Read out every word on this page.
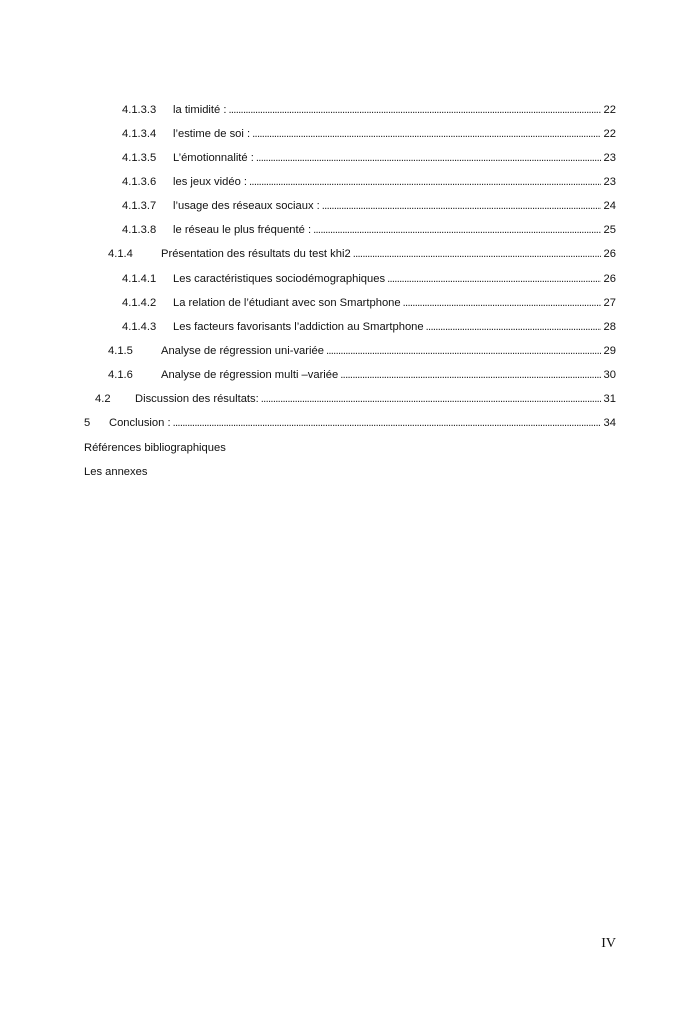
4.1.3.3 la timidité : . . .	22
4.1.3.4 l’estime de soi : . . .	22
4.1.3.5 L’émotionnalité : . . .	23
4.1.3.6 les jeux vidéo : . . .	23
4.1.3.7 l’usage des réseaux sociaux : . . .	24
4.1.3.8 le réseau le plus fréquenté : . . .	25
4.1.4	Présentation des résultats du test khi2 . . .	26
4.1.4.1 Les caractéristiques sociodémographiques . . .	26
4.1.4.2 La relation de l’étudiant avec son Smartphone . . .	27
4.1.4.3 Les facteurs favorisants l’addiction au Smartphone . . .	28
4.1.5	Analyse de régression uni-variée . . .	29
4.1.6	Analyse de régression multi –variée . . .	30
4.2 Discussion des résultats: . . .	31
5 Conclusion : . . .	34
Références bibliographiques
Les annexes
IV
